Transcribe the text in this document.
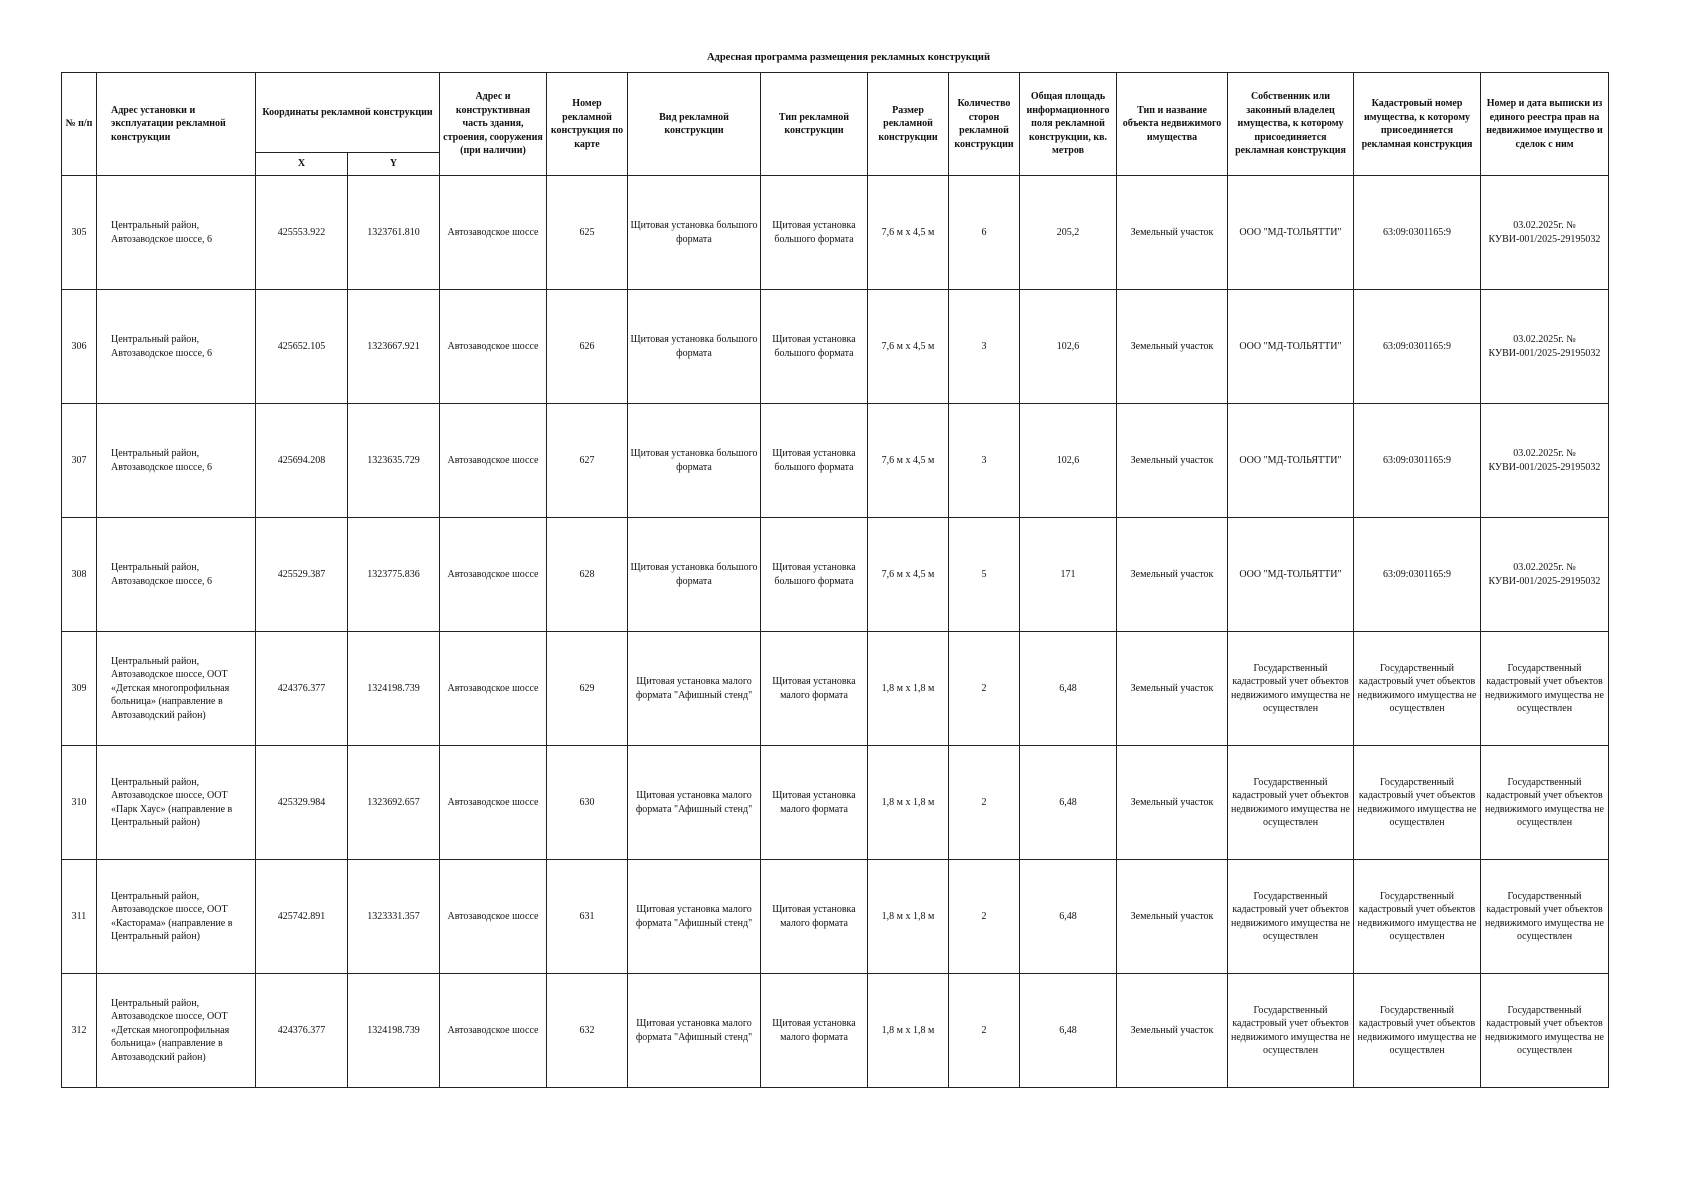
Адресная программа размещения рекламных конструкций
№ п/п	Адрес установки и эксплуатации рекламной конструкции	Координаты рекламной конструкции		Адрес и конструктивная часть здания, строения, сооружения (при наличии)	Номер рекламной конструкция по карте	Вид рекламной конструкции	Тип рекламной конструкции	Размер рекламной конструкции	Количество сторон рекламной конструкции	Общая площадь информационного поля рекламной конструкции, кв. метров	Тип и название объекта недвижимого имущества	Собственник или законный владелец имущества, к которому присоединяется рекламная конструкция	Кадастровый номер имущества, к которому присоединяется рекламная конструкция	Номер и дата выписки из единого реестра прав на недвижимое имущество и сделок с ним
		X	Y											
305	Центральный район, Автозаводское шоссе, 6	425553.922	1323761.810	Автозаводское шоссе	625	Щитовая установка большого формата	Щитовая установка большого формата	7,6 м х 4,5 м	6	205,2	Земельный участок	ООО "МД-ТОЛЬЯТТИ"	63:09:0301165:9	03.02.2025г. № КУВИ-001/2025-29195032
306	Центральный район, Автозаводское шоссе, 6	425652.105	1323667.921	Автозаводское шоссе	626	Щитовая установка большого формата	Щитовая установка большого формата	7,6 м х 4,5 м	3	102,6	Земельный участок	ООО "МД-ТОЛЬЯТТИ"	63:09:0301165:9	03.02.2025г. № КУВИ-001/2025-29195032
307	Центральный район, Автозаводское шоссе, 6	425694.208	1323635.729	Автозаводское шоссе	627	Щитовая установка большого формата	Щитовая установка большого формата	7,6 м х 4,5 м	3	102,6	Земельный участок	ООО "МД-ТОЛЬЯТТИ"	63:09:0301165:9	03.02.2025г. № КУВИ-001/2025-29195032
308	Центральный район, Автозаводское шоссе, 6	425529.387	1323775.836	Автозаводское шоссе	628	Щитовая установка большого формата	Щитовая установка большого формата	7,6 м х 4,5 м	5	171	Земельный участок	ООО "МД-ТОЛЬЯТТИ"	63:09:0301165:9	03.02.2025г. № КУВИ-001/2025-29195032
309	Центральный район, Автозаводское шоссе, ООТ «Детская многопрофильная больница» (направление в Автозаводский район)	424376.377	1324198.739	Автозаводское шоссе	629	Щитовая установка малого формата "Афишный стенд"	Щитовая установка малого формата	1,8 м х 1,8 м	2	6,48	Земельный участок	Государственный кадастровый учет объектов недвижимого имущества не осуществлен	Государственный кадастровый учет объектов недвижимого имущества не осуществлен	Государственный кадастровый учет объектов недвижимого имущества не осуществлен
310	Центральный район, Автозаводское шоссе, ООТ «Парк Хаус» (направление в Центральный район)	425329.984	1323692.657	Автозаводское шоссе	630	Щитовая установка малого формата "Афишный стенд"	Щитовая установка малого формата	1,8 м х 1,8 м	2	6,48	Земельный участок	Государственный кадастровый учет объектов недвижимого имущества не осуществлен	Государственный кадастровый учет объектов недвижимого имущества не осуществлен	Государственный кадастровый учет объектов недвижимого имущества не осуществлен
311	Центральный район, Автозаводское шоссе, ООТ «Касторама» (направление в Центральный район)	425742.891	1323331.357	Автозаводское шоссе	631	Щитовая установка малого формата "Афишный стенд"	Щитовая установка малого формата	1,8 м х 1,8 м	2	6,48	Земельный участок	Государственный кадастровый учет объектов недвижимого имущества не осуществлен	Государственный кадастровый учет объектов недвижимого имущества не осуществлен	Государственный кадастровый учет объектов недвижимого имущества не осуществлен
312	Центральный район, Автозаводское шоссе, ООТ «Детская многопрофильная больница» (направление в Автозаводский район)	424376.377	1324198.739	Автозаводское шоссе	632	Щитовая установка малого формата "Афишный стенд"	Щитовая установка малого формата	1,8 м х 1,8 м	2	6,48	Земельный участок	Государственный кадастровый учет объектов недвижимого имущества не осуществлен	Государственный кадастровый учет объектов недвижимого имущества не осуществлен	Государственный кадастровый учет объектов недвижимого имущества не осуществлен
